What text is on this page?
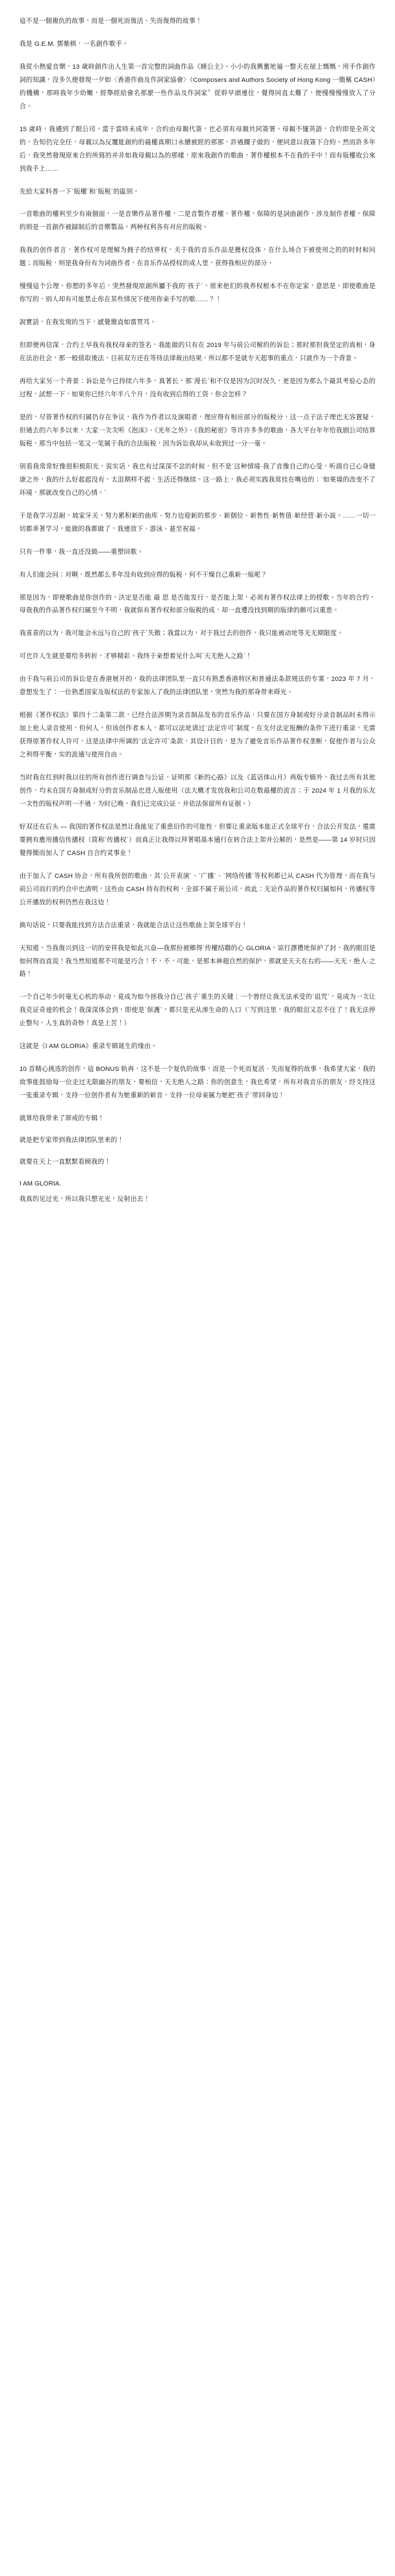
這不是一個複仇的故事，而是一個死而復活、失而復得的故事！

我是 G.E.M. 鄧紫棋，一名創作歌手。

我從小熱愛音樂，13 歲時創作出人生第一首完整的詞曲作品《睡公主》。小小的我興奮地逼一整天在屋上媽媽，用手作創作詞的知識，沒多久便發現一夕如〈香港作曲及作詞家協會〉（Composers and Authors Society of Hong Kong 一簡稱 CASH）的機構，那時我年少幼嫩，經舉經給會名那麼一些作品及作詞家〞從幹早頭連住，覺得同直太難了，便慢慢慢慢放入了分合。

15 歲時，我遇到了眼公司。當于當時未成年，合約由母親代簽，也必須有母親共同簽署。母親不懂英語，合約即是全英文的，告知仍完全任，母親以為反覆能創約的最權真期口永續被經的那那，許過擱子做的，便同意以我簽下合約。然而許多年后，我突然發現原來合約所寫的并非如我母親以為的那樣，原來我創作的歌曲，著作權根本不在我的手中！而有版權收公來到我手上……

先給大家科普一下`版權`和`版税`的區別。

一首歌曲的權利至少有兩個面，一是音樂作品著作權，二是音製作者權，著作權，保障的是詞曲創作，涉及制作者權，保障的則是一首創作被録制后的音樂製品，两种权利各有对应的版税。

我我的创作者言，著作权可是理解为拥子的结界权，关于我的音乐作品是獲权设体，在什么场合下被使用之的的时时和问题；而版税，则是我身份有为词曲作者，在音乐作品授权的成人里，获得我相应的部分。

慢慢這个公理，你想的多年后，突然發現原創所屬于我的`孩子`，原来他们的我养权根本不在你定家，意思是，即使歌曲是你写的，别人却有可能禁止你在某些情况下使用你亲手写的歌……？！

說實話，在我发現的当下，感覺簡直如雷贯耳。

但即便再信深，合约上早我有我权母亲的签名，我能做的只有在 2019 年与前公司解約的诉讼；那时那但我坚定的真相，身在法治社会，那一般值取後法，目前双方还在等待法律裁出结果，所以都不是就专天起事的重点，只就作为一个背景。

再给大家另一个背景：诉讼是今已持续六年多，真著长，那`漫长`和不仅是因为沉时况久，更是因为那么个最其考验心态的过程，試想一下，如果你已经六年半八个月，没有收到后得的工资，你会怎样？

是的，尽管著作权的归属仍存在争议，我作为作者以及演唱者，理应得有相应部分的版税分，这一点子法子理也无容置疑，但過去的六年多以来，大家一次次听《泡沫》、《光年之外》、《我的秘密》等许许多多的歌曲，各大平台年年给我剧公司结算版税，那当中包括一笔又一笔属于我的合法版税，因为诉讼我却从未收到过一分一毫。

别看我常常好像很积极阳光，说实话，我也有过深深不忿的时候，但不是`这种情境·我了音像自己的心受，听商自已心身健康之外，我的什么好起起没有，太沮期样不起，生活还得继续。这一路上，我必须实践我常挂在嘴边的：`如果墙的改变不了环境，那就改变自己的心情。`

于是我学习忍耐，坡家牙关，努力累积新的曲库、努力边迎新的那步、新個位、新售性·新售值·新经营·新小説。……一切一切都乖著学习，能做的我都做了，我連放下、游泳、甚至祝福。

只有一件事，我一直还没做——重塑回歌。

有人们能会问：对啊，既然都么多年没有收到应得的版税，何不干燥自己重新一版呢？

那是因为，即便歌曲是你创作的，決定是否能 最 思 是否能发行，是否能上架，必须有著作权法律上的授歌。当年的合约，母我我的作品著作权归属至今不明，我就保有著作权和部分版税的成，却一直遭没找到期的版律的颇可以重患。

我喜喜的以为，我可能会永远与自己的`孩子`失散；我當以为，对于我过去的创作，我只能被动地等无无期限度。

可也许人生就是要给多转折，才够精彩。我终于亲想着见什么叫`天无绝人之路`！

由于我与前公司的诉讼是在香港展开的，我的法律团队里一直只有熟悉香港特区和普通法条款规法的专案，2023 年 7 月，意想发生了：一位熟悉国家及版权法的专家加入了我的法律团队里，突然为我的那身带来碍光。

根据《著作权法》第四十二条第二款，已经合法涉期为录音制品发布的音乐作品，只要在国方身制或好分录音制品时未得示加上他人录音使用，但何人，但该创作者本人，都可以法地请过`法定许可`制度，在支付法定报酬的条件下进行重录，无需获得原著作权人许可，这是法律中所调的`法定许可`条款，其设计目的，是为了避免音乐作品著作权垄断，促使作者与公众之利得平衡，实的流通与使用自由。

当时我在红到时我以往的所有创作进行调查与公证，证明那《新的心路》以及《蓝话体山月》再版专辑外，我过去所有其他创作，均未在国方身制成好分的音乐制品也进入版使用（法大概才发放我和公司在数最權的流言：于 2024 年 1 月我的乐友一次性的版权声明一不過，为时已晚，我们已完成公证，并依法保留所有证据。）

好双还在后头 — 我国的著作权法是然让我能见了重患旧作的可能性，但要让重录版本能正式全球平台，合法公开发法，還需要拥有應用播信传播权（简称`传播权`）而真正让我得以拜著唱基本通行在转合法上架并公解的，是然是——第 14 岁时只因覺得簡而加入了 CASH 自合约灵事业！

由于加入了 CASH 协会，所有我所创的歌曲，其`公开表演`、`广播`、`网络传播`等权利都已从 CASH 代为管理，而在我与前公司而打的约合中也清明，这些由 CASH 持有的权利，全部不属于前公司，故此：无论作品的著作权归属如何，传播权等公开播放的权利仍然在我这边！

换句话说，只要我能找到方法合法重录，我就能合法让这些歌曲上架全球平台！

天知道，当我復兴到这一切的安祥我是如此兴奋—我那份被鄉得`传權结聯的心 GLORIA，谅打譯禮地保护了封，我的眼泪是如何得而直说！我当然知道那不可能是巧合！不，不，可能，是那本神超自然的保护，那就是天天在右的——天无，绝人·之路！

一个自己年少时毫无心机的举动，竟成为如今拯我分自已`孩子`重生的关键：一个曾经让我无法承受的`诅咒`，竟成为一次让我克证奇迹的机会！我深深体会到，即使是`保護`，都只是光从渗生命的人口（`写到这里，我的眼泪又忍不住了！我无法停止整句，人生真的奇妙！真是上苦！）

这就是《I AM GLORIA》重录专辑诞生的缘由。

10 首精心挑选的创作，這 BONUS 轨再，这不是一个复仇的故事，而是一个死而复活、失而复得的故事，我希望大家，我的故事能鼓励每一位走过无限幽谷的朋友，要相信，天无绝人之路：你的创意生，我也希望，所有对我音乐的朋友，经支持这一张重录专辑，支持一位创作者有为她重新的新音，支持一位母亲属力她把`孩子`带回身边！

就算给我带来了罪戒的专辑！

就是把专家带到我法律团队里来的！

就要在天上一直默默看顾我的！

I AM GLORIA.

我真的见过光，所以我只想光光，反射出去！
